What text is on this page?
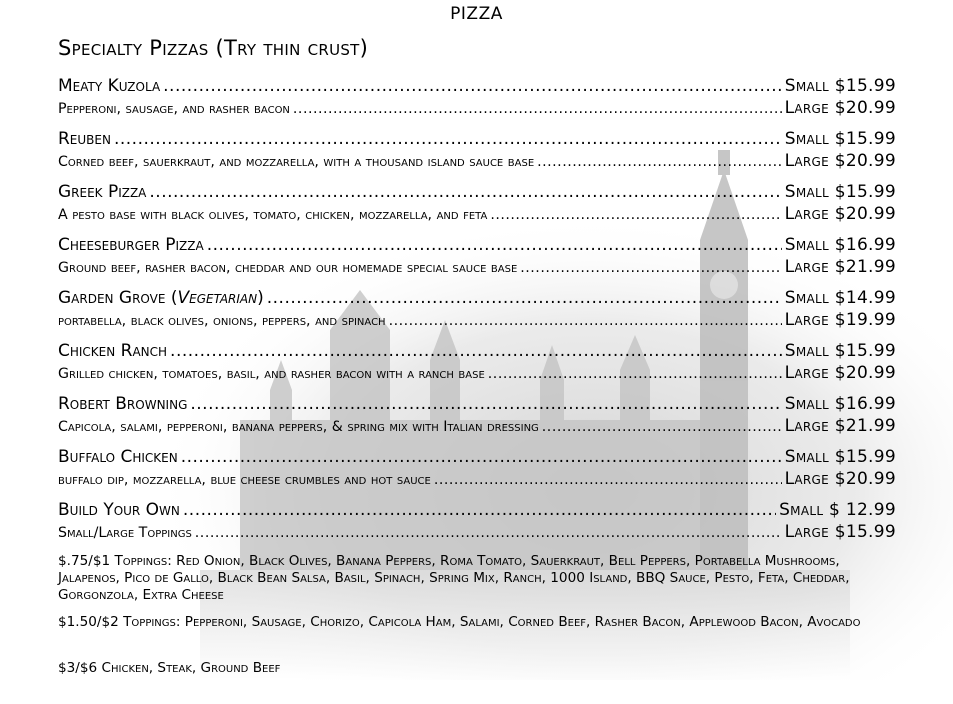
PIZZA
Specialty Pizzas (Try thin crust)
Meaty Kuzola .....	Small $15.99
Pepperoni, sausage, and rasher bacon .....	Large $20.99
Reuben .....	Small $15.99
Corned beef, sauerkraut, and mozzarella, with a thousand island sauce base .....	Large $20.99
Greek Pizza .....	Small $15.99
A pesto base with black olives, tomato, chicken, mozzarella, and feta .....	Large $20.99
Cheeseburger Pizza .....	Small $16.99
Ground beef, rasher bacon, cheddar and our homemade special sauce base .....	Large $21.99
Garden Grove (Vegetarian) .....	Small $14.99
portabella, black olives, onions, peppers, and spinach .....	Large $19.99
Chicken Ranch .....	Small $15.99
Grilled chicken, tomatoes, basil, and rasher bacon with a ranch base .....	Large $20.99
Robert Browning .....	Small $16.99
Capicola, salami, pepperoni, banana peppers, & spring mix with Italian dressing .....	Large $21.99
Buffalo Chicken .....	Small $15.99
buffalo dip, mozzarella, blue cheese crumbles and hot sauce .....	Large $20.99
Build Your Own .....	Small $ 12.99
Small/Large Toppings .....	Large $15.99
$.75/$1 Toppings: Red Onion, Black Olives, Banana Peppers, Roma Tomato, Sauerkraut, Bell Peppers, Portabella Mushrooms, Jalapenos, Pico de Gallo, Black Bean Salsa, Basil, Spinach, Spring Mix, Ranch, 1000 Island, BBQ Sauce, Pesto, Feta, Cheddar, Gorgonzola, Extra Cheese
$1.50/$2 Toppings: Pepperoni, Sausage, Chorizo, Capicola Ham, Salami, Corned Beef, Rasher Bacon, Applewood Bacon, Avocado
$3/$6 Chicken, Steak, Ground Beef
